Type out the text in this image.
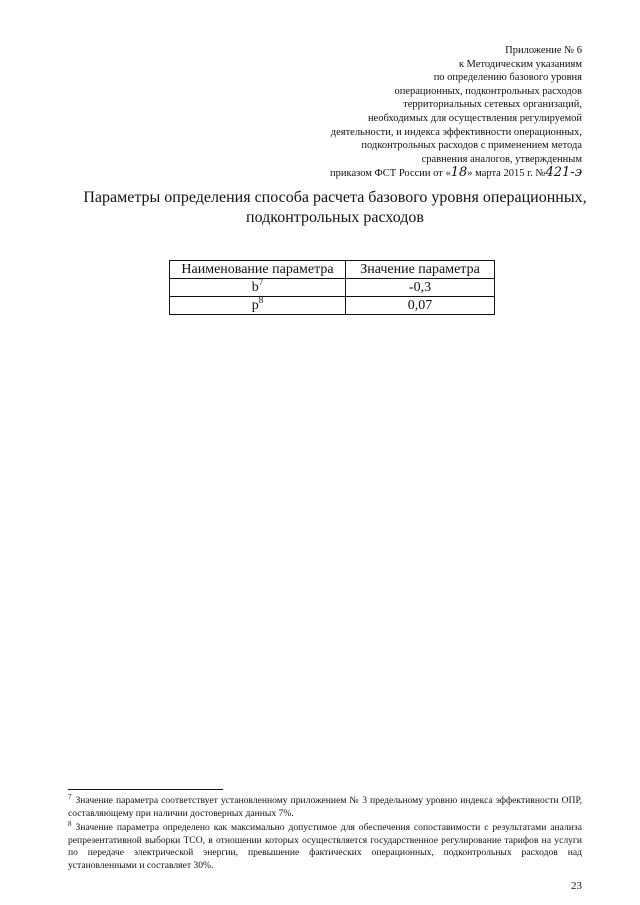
Приложение № 6
к Методическим указаниям
по определению базового уровня
операционных, подконтрольных расходов
территориальных сетевых организаций,
необходимых для осуществления регулируемой
деятельности, и индекса эффективности операционных,
подконтрольных расходов с применением метода
сравнения аналогов, утвержденным
приказом ФСТ России от «18» марта 2015 г. №421-э
Параметры определения способа расчета базового уровня операционных,
подконтрольных расходов
Наименование параметра	Значение параметра
$b^7$	-0,3
$p^8$	0,07

$^7$ Значение параметра соответствует установленному приложением № 3 предельному уровню индекса эффективности ОПР, составляющему при наличии достоверных данных 7%.

$^8$ Значение параметра определено как максимально допустимое для обеспечения сопоставимости с результатами анализа репрезентативной выборки ТСО, в отношении которых осуществляется государственное регулирование тарифов на услуги по передаче электрической энергии, превышение фактических операционных, подконтрольных расходов над установленными и составляет 30%.

23
